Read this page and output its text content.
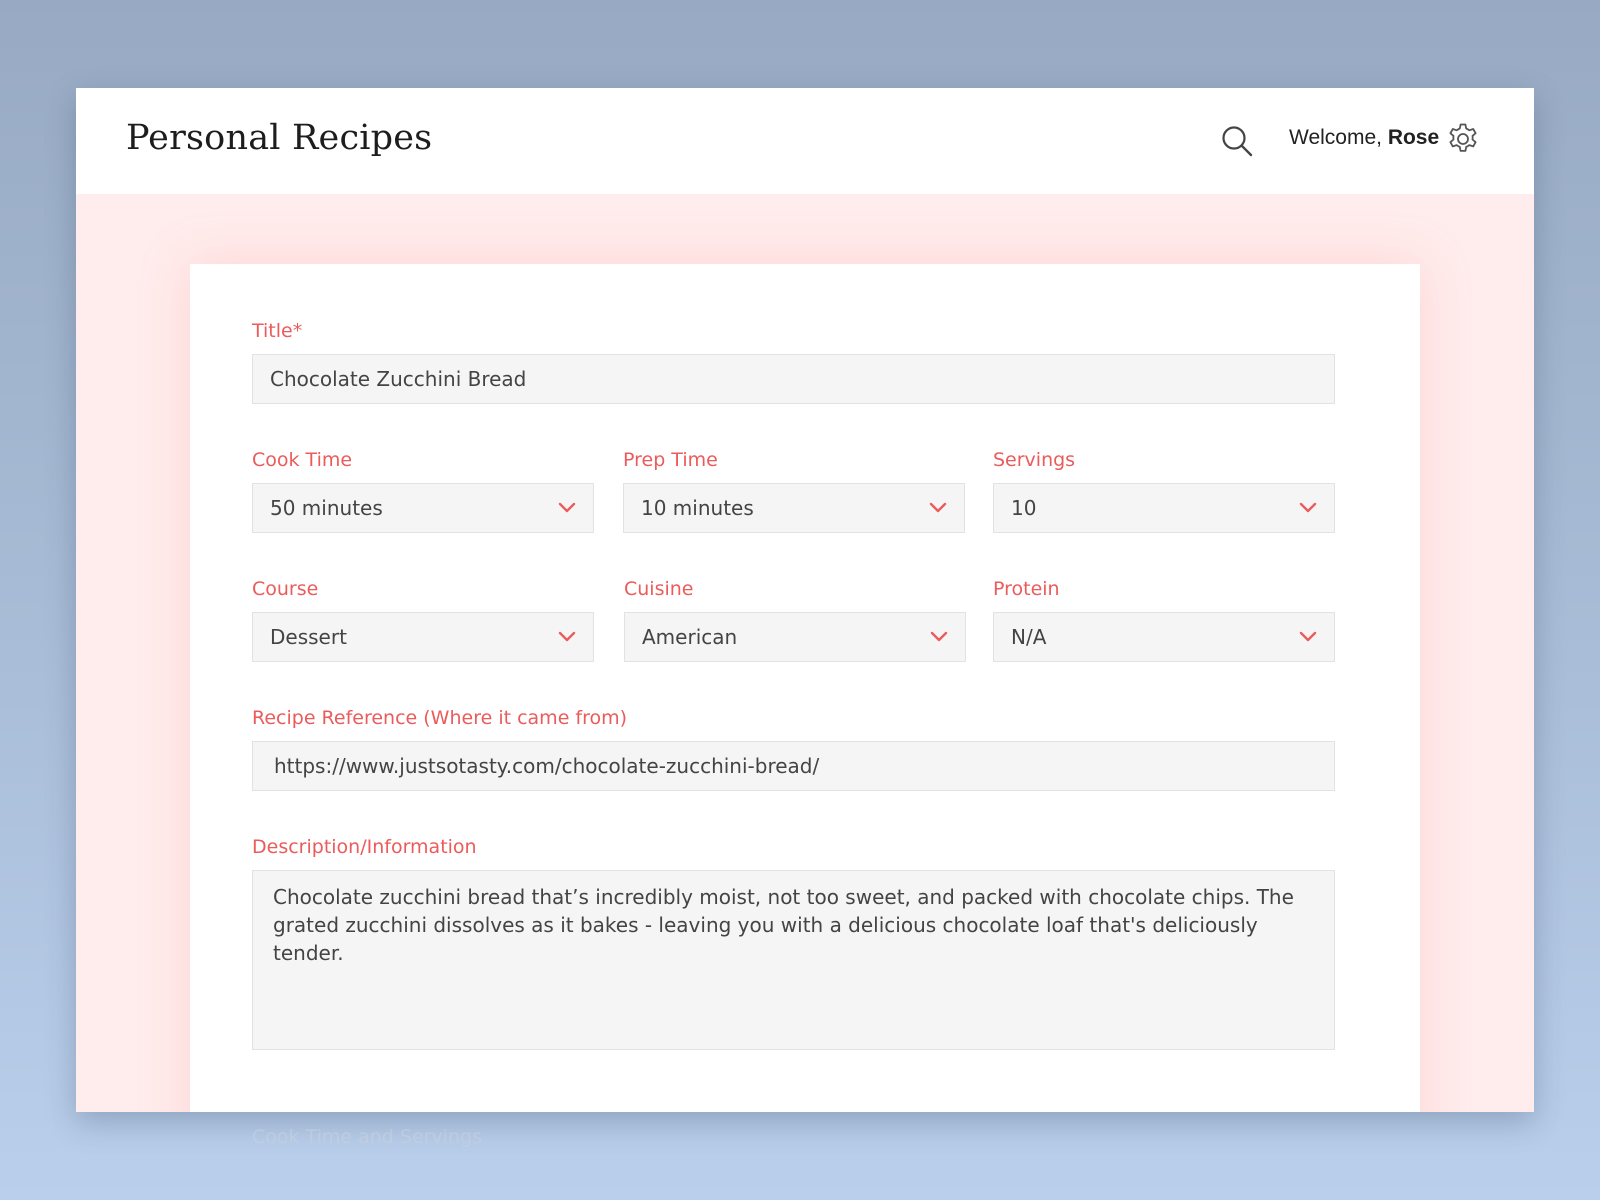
Personal Recipes	Welcome, Rose
Title*
Chocolate Zucchini Bread
Cook Time
50 minutes
Prep Time
10 minutes
Servings
10
Course
Dessert
Cuisine
American
Protein
N/A
Recipe Reference (Where it came from)
https://www.justsotasty.com/chocolate-zucchini-bread/
Description/Information
Chocolate zucchini bread that’s incredibly moist, not too sweet, and packed with chocolate chips. The grated zucchini dissolves as it bakes - leaving you with a delicious chocolate loaf that's deliciously tender.
Cook Time and Servings
